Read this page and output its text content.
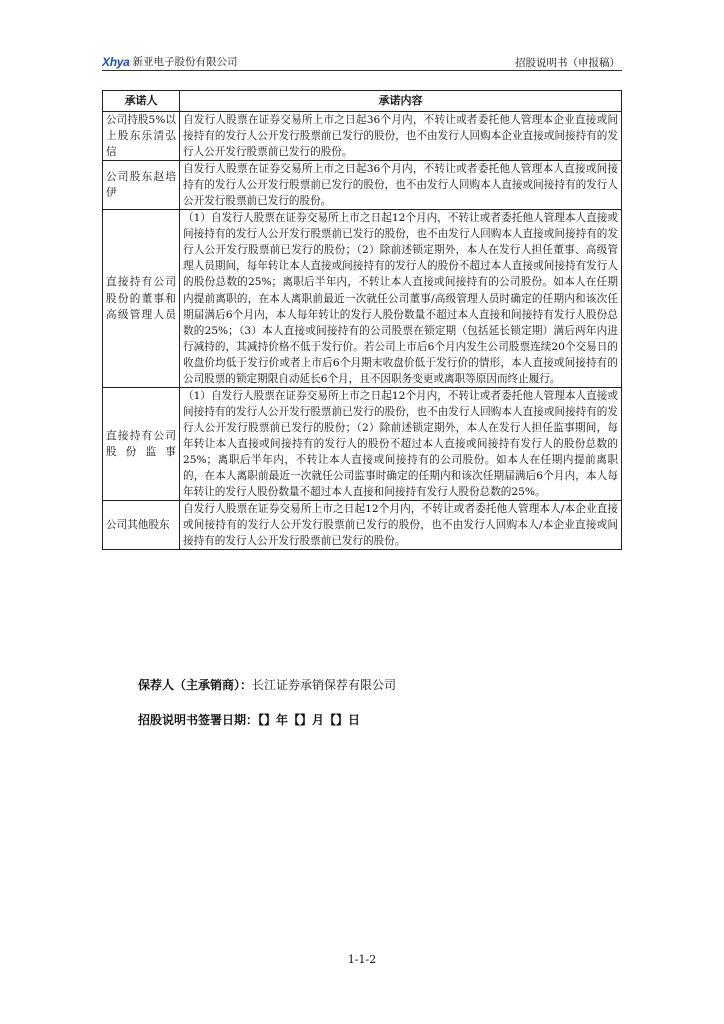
Xhya 新亚电子股份有限公司	招股说明书（申报稿）
承诺人	承诺内容
公司持股5%以上股东乐清弘信	自发行人股票在证券交易所上市之日起36个月内，不转让或者委托他人管理本企业直接或间接持有的发行人公开发行股票前已发行的股份，也不由发行人回购本企业直接或间接持有的发行人公开发行股票前已发行的股份。
公司股东赵培伊	自发行人股票在证券交易所上市之日起36个月内，不转让或者委托他人管理本人直接或间接持有的发行人公开发行股票前已发行的股份，也不由发行人回购本人直接或间接持有的发行人公开发行股票前已发行的股份。
直接持有公司股份的董事和高级管理人员	（1）自发行人股票在证券交易所上市之日起12个月内，不转让或者委托他人管理本人直接或间接持有的发行人公开发行股票前已发行的股份，也不由发行人回购本人直接或间接持有的发行人公开发行股票前已发行的股份；（2）除前述锁定期外，本人在发行人担任董事、高级管理人员期间，每年转让本人直接或间接持有的发行人的股份不超过本人直接或间接持有发行人的股份总数的25%；离职后半年内，不转让本人直接或间接持有的公司股份。如本人在任期内提前离职的，在本人离职前最近一次就任公司董事/高级管理人员时确定的任期内和该次任期届满后6个月内，本人每年转让的发行人股份数量不超过本人直接和间接持有发行人股份总数的25%；（3）本人直接或间接持有的公司股票在锁定期（包括延长锁定期）满后两年内进行减持的，其减持价格不低于发行价。若公司上市后6个月内发生公司股票连续20个交易日的收盘价均低于发行价或者上市后6个月期末收盘价低于发行价的情形，本人直接或间接持有的公司股票的锁定期限自动延长6个月，且不因职务变更或离职等原因而终止履行。
直接持有公司股份监事	（1）自发行人股票在证券交易所上市之日起12个月内，不转让或者委托他人管理本人直接或间接持有的发行人公开发行股票前已发行的股份，也不由发行人回购本人直接或间接持有的发行人公开发行股票前已发行的股份；（2）除前述锁定期外，本人在发行人担任监事期间，每年转让本人直接或间接持有的发行人的股份不超过本人直接或间接持有发行人的股份总数的25%；离职后半年内，不转让本人直接或间接持有的公司股份。如本人在任期内提前离职的，在本人离职前最近一次就任公司监事时确定的任期内和该次任期届满后6个月内，本人每年转让的发行人股份数量不超过本人直接和间接持有发行人股份总数的25%。
公司其他股东	自发行人股票在证券交易所上市之日起12个月内，不转让或者委托他人管理本人/本企业直接或间接持有的发行人公开发行股票前已发行的股份，也不由发行人回购本人/本企业直接或间接持有的发行人公开发行股票前已发行的股份。
保荐人（主承销商）：长江证券承销保荐有限公司
招股说明书签署日期：【】年【】月【】日
1-1-2
